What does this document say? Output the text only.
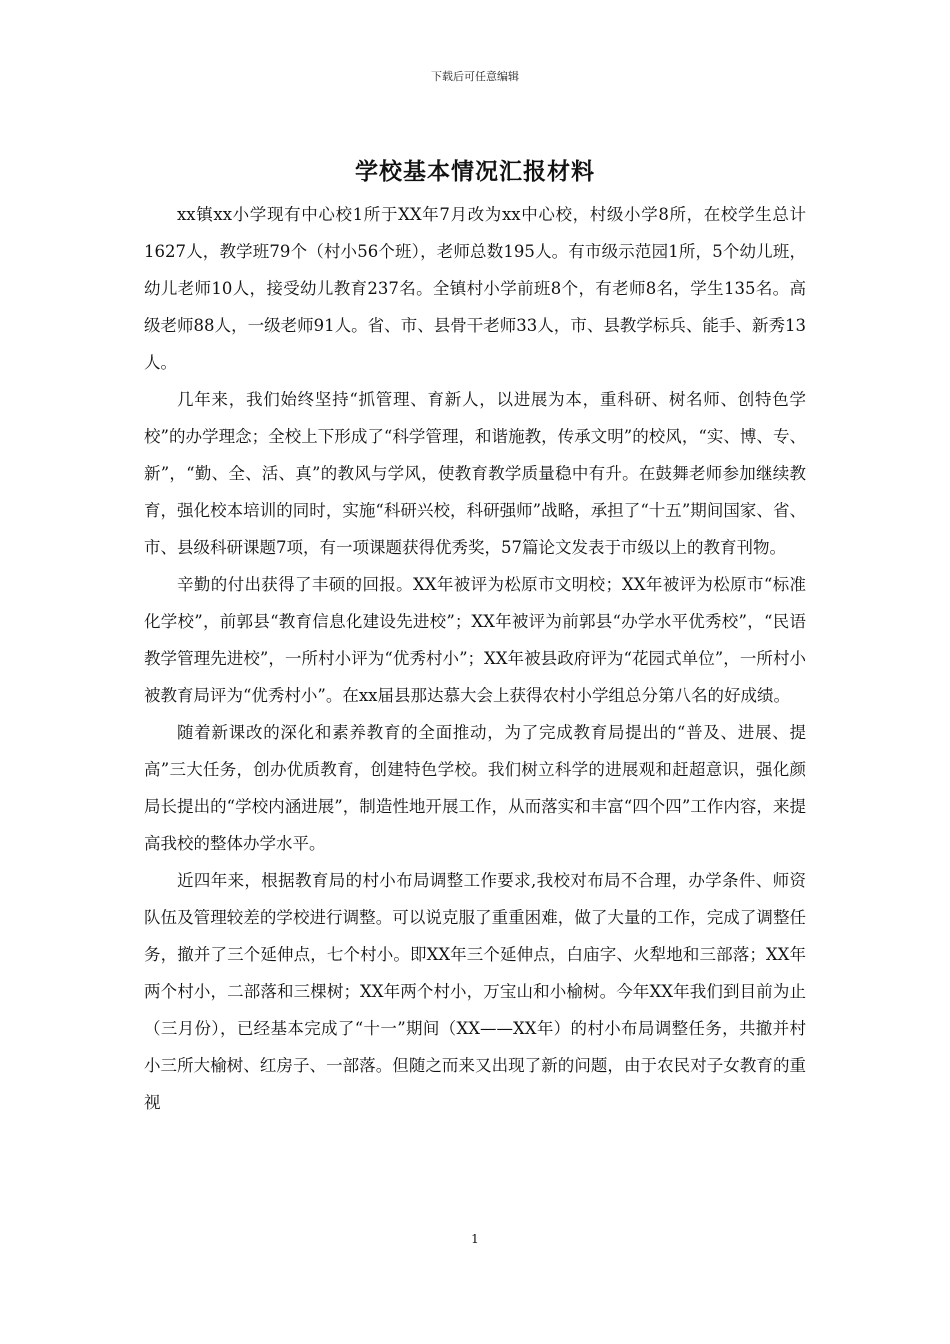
下载后可任意编辑
学校基本情况汇报材料

xx镇xx小学现有中心校1所于XX年7月改为xx中心校，村级小学8所，在校学生总计1627人，教学班79个（村小56个班），老师总数195人。有市级示范园1所，5个幼儿班，幼儿老师10人，接受幼儿教育237名。全镇村小学前班8个，有老师8名，学生135名。高级老师88人，一级老师91人。省、市、县骨干老师33人，市、县教学标兵、能手、新秀13人。

几年来，我们始终坚持“抓管理、育新人，以进展为本，重科研、树名师、创特色学校”的办学理念；全校上下形成了“科学管理，和谐施教，传承文明”的校风，“实、博、专、新”，“勤、全、活、真”的教风与学风，使教育教学质量稳中有升。在鼓舞老师参加继续教育，强化校本培训的同时，实施“科研兴校，科研强师”战略，承担了“十五”期间国家、省、市、县级科研课题7项，有一项课题获得优秀奖，57篇论文发表于市级以上的教育刊物。

辛勤的付出获得了丰硕的回报。XX年被评为松原市文明校；XX年被评为松原市“标准化学校”，前郭县“教育信息化建设先进校”；XX年被评为前郭县“办学水平优秀校”，“民语教学管理先进校”，一所村小评为“优秀村小”；XX年被县政府评为“花园式单位”，一所村小被教育局评为“优秀村小”。在xx届县那达慕大会上获得农村小学组总分第八名的好成绩。

随着新课改的深化和素养教育的全面推动，为了完成教育局提出的“普及、进展、提高”三大任务，创办优质教育，创建特色学校。我们树立科学的进展观和赶超意识，强化颜局长提出的“学校内涵进展”，制造性地开展工作，从而落实和丰富“四个四”工作内容，来提高我校的整体办学水平。

近四年来，根据教育局的村小布局调整工作要求,我校对布局不合理，办学条件、师资队伍及管理较差的学校进行调整。可以说克服了重重困难，做了大量的工作，完成了调整任务，撤并了三个延伸点，七个村小。即XX年三个延伸点，白庙字、火犁地和三部落；XX年两个村小，二部落和三棵树；XX年两个村小，万宝山和小榆树。今年XX年我们到目前为止（三月份），已经基本完成了“十一”期间（XX——XX年）的村小布局调整任务，共撤并村小三所大榆树、红房子、一部落。但随之而来又出现了新的问题，由于农民对子女教育的重视

1
